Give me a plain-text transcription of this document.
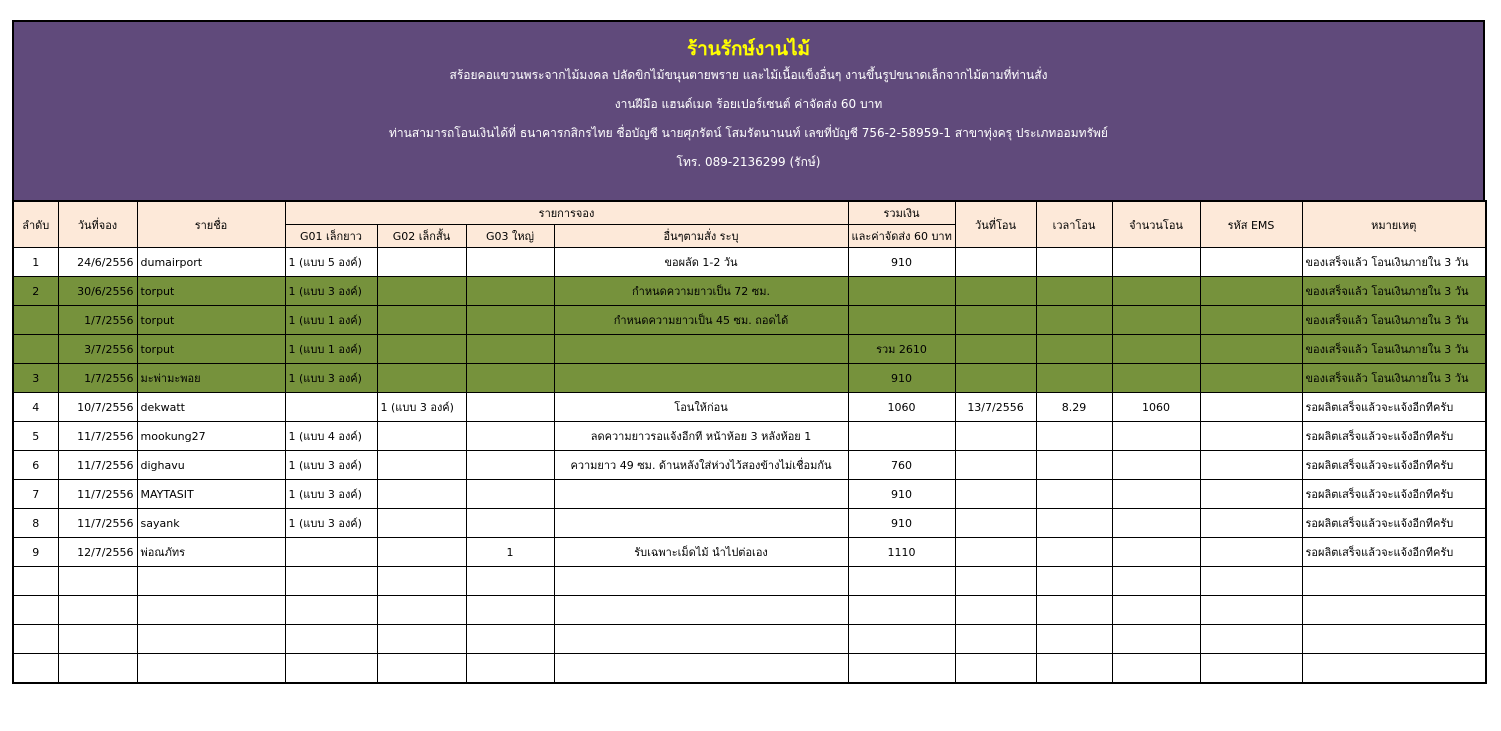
ร้านรักษ์งานไม้
สร้อยคอแขวนพระจากไม้มงคล ปลัดขิกไม้ขนุนตายพราย และไม้เนื้อแข็งอื่นๆ งานขึ้นรูปขนาดเล็กจากไม้ตามที่ท่านสั่ง
งานฝีมือ แฮนด์เมด ร้อยเปอร์เซนต์ ค่าจัดส่ง 60 บาท
ท่านสามารถโอนเงินได้ที่ ธนาคารกสิกรไทย ชื่อบัญชี นายศุภรัตน์ โสมรัตนานนท์ เลขที่บัญชี 756-2-58959-1 สาขาทุ่งครุ ประเภทออมทรัพย์
โทร. 089-2136299 (รักษ์)
ลำดับ	วันที่จอง	รายชื่อ	รายการจอง				รวมเงิน	วันที่โอน	เวลาโอน	จำนวนโอน	รหัส EMS	หมายเหตุ
			G01 เล็กยาว	G02 เล็กสั้น	G03 ใหญ่	อื่นๆตามสั่ง ระบุ	และค่าจัดส่ง 60 บาท					
1	24/6/2556	dumairport	1 (แบบ 5 องค์)			ขอผลัด 1-2 วัน	910					ของเสร็จแล้ว โอนเงินภายใน 3 วัน
2	30/6/2556	torput	1 (แบบ 3 องค์)			กำหนดความยาวเป็น 72 ซม.						ของเสร็จแล้ว โอนเงินภายใน 3 วัน
	1/7/2556	torput	1 (แบบ 1 องค์)			กำหนดความยาวเป็น 45 ซม. ถอดได้						ของเสร็จแล้ว โอนเงินภายใน 3 วัน
	3/7/2556	torput	1 (แบบ 1 องค์)				รวม 2610					ของเสร็จแล้ว โอนเงินภายใน 3 วัน
3	1/7/2556	มะพ่ามะพอย	1 (แบบ 3 องค์)				910					ของเสร็จแล้ว โอนเงินภายใน 3 วัน
4	10/7/2556	dekwatt		1 (แบบ 3 องค์)		โอนให้ก่อน	1060	13/7/2556	8.29	1060		รอผลิตเสร็จแล้วจะแจ้งอีกทีครับ
5	11/7/2556	mookung27	1 (แบบ 4 องค์)			ลดความยาวรอแจ้งอีกที หน้าห้อย 3 หลังห้อย 1						รอผลิตเสร็จแล้วจะแจ้งอีกทีครับ
6	11/7/2556	dighavu	1 (แบบ 3 องค์)			ความยาว 49 ซม. ด้านหลังใส่ห่วงไว้สองข้างไม่เชื่อมกัน	760					รอผลิตเสร็จแล้วจะแจ้งอีกทีครับ
7	11/7/2556	MAYTASIT	1 (แบบ 3 องค์)				910					รอผลิตเสร็จแล้วจะแจ้งอีกทีครับ
8	11/7/2556	sayank	1 (แบบ 3 องค์)				910					รอผลิตเสร็จแล้วจะแจ้งอีกทีครับ
9	12/7/2556	พ่อณภัทร			1	รับเฉพาะเม็ดไม้ นำไปต่อเอง	1110					รอผลิตเสร็จแล้วจะแจ้งอีกทีครับ
